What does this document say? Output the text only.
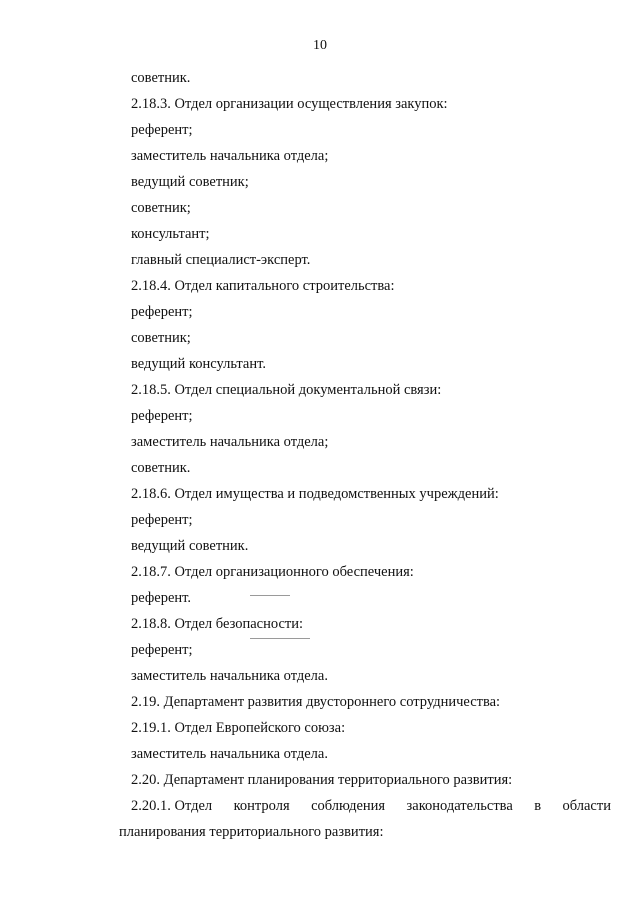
10
советник.
2.18.3. Отдел организации осуществления закупок:
референт;
заместитель начальника отдела;
ведущий советник;
советник;
консультант;
главный специалист-эксперт.
2.18.4. Отдел капитального строительства:
референт;
советник;
ведущий консультант.
2.18.5. Отдел специальной документальной связи:
референт;
заместитель начальника отдела;
советник.
2.18.6. Отдел имущества и подведомственных учреждений:
референт;
ведущий советник.
2.18.7. Отдел организационного обеспечения:
референт.
2.18.8. Отдел безопасности:
референт;
заместитель начальника отдела.
2.19. Департамент развития двустороннего сотрудничества:
2.19.1. Отдел Европейского союза:
заместитель начальника отдела.
2.20. Департамент планирования территориального развития:
2.20.1. Отдел контроля соблюдения законодательства в области
планирования территориального развития:
